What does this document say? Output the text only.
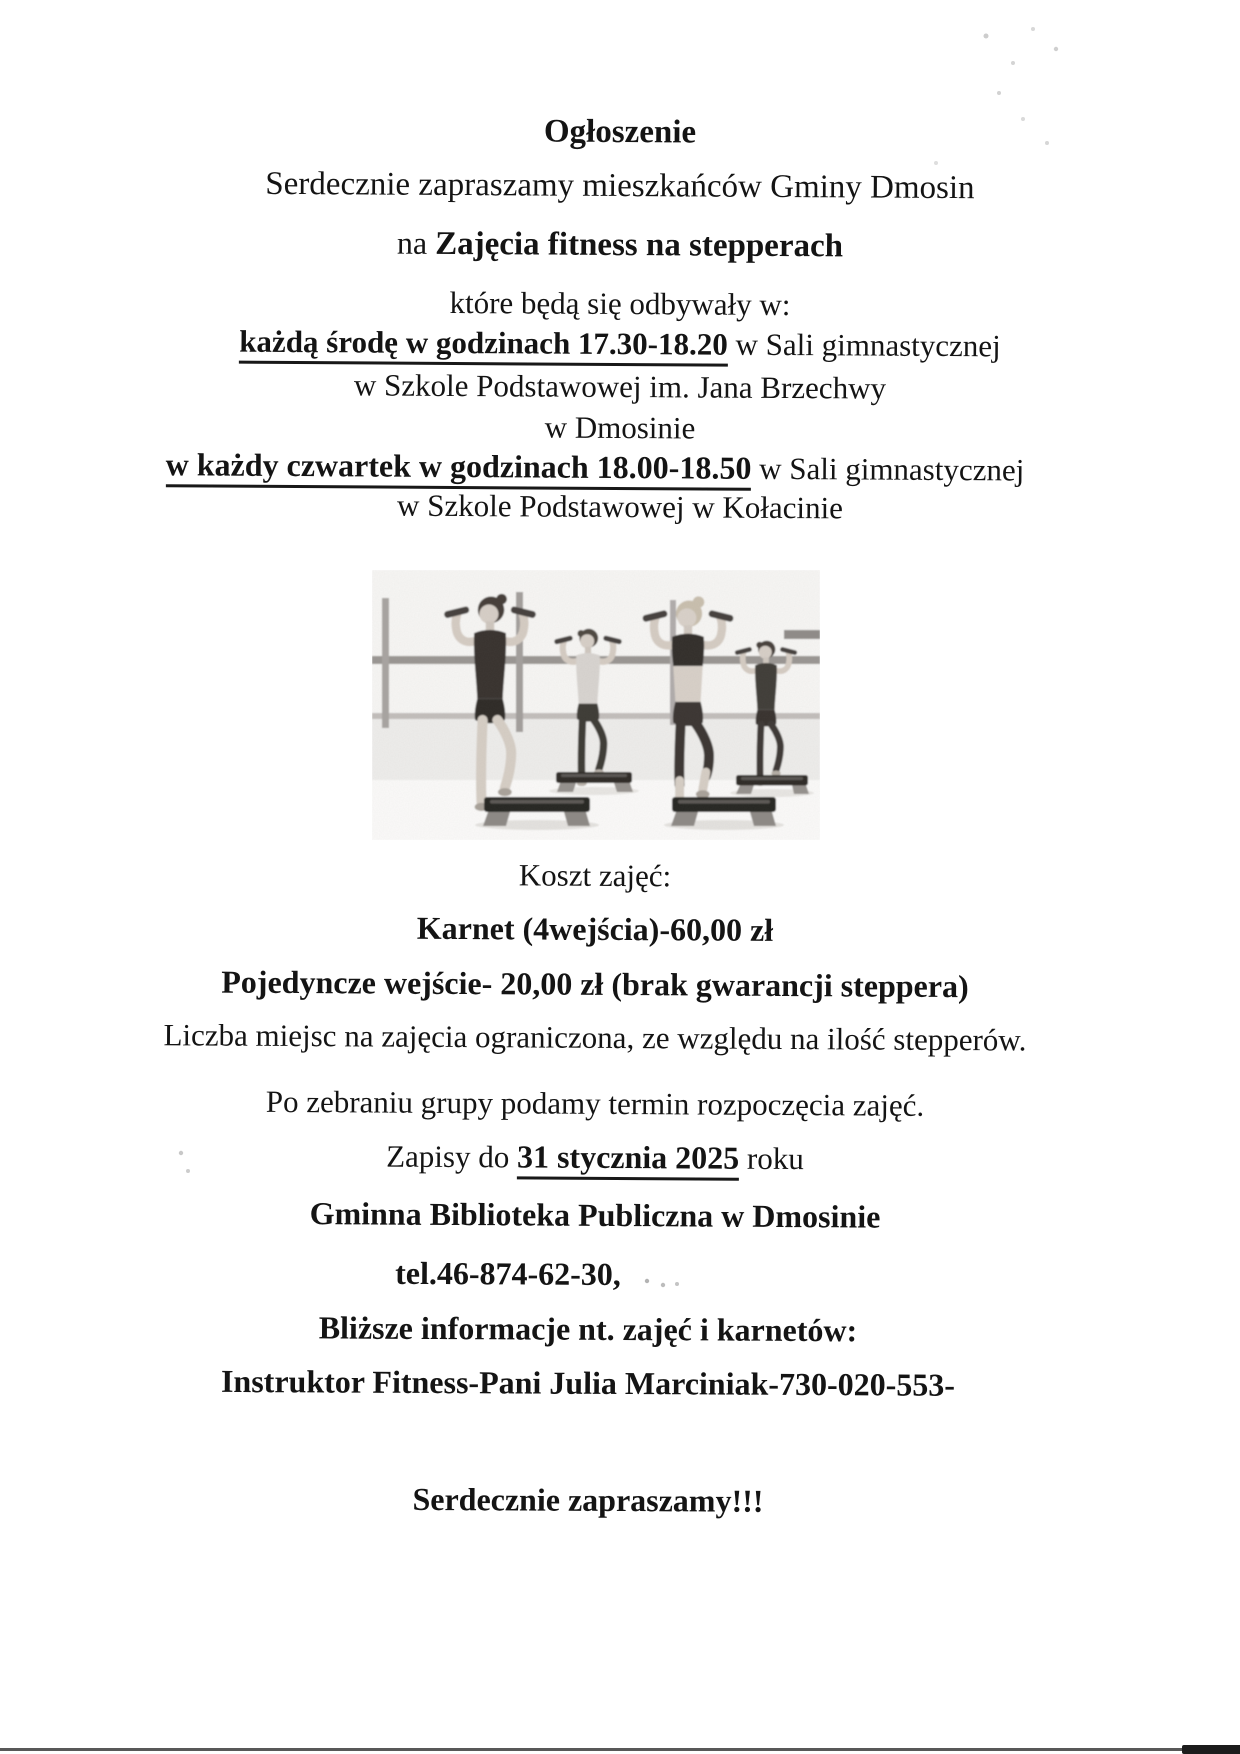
Ogłoszenie

Serdecznie zapraszamy mieszkańców Gminy Dmosin

na Zajęcia fitness na stepperach

które będą się odbywały w:

każdą środę w godzinach 17.30-18.20 w Sali gimnastycznej

w Szkole Podstawowej im. Jana Brzechwy

w Dmosinie

w każdy czwartek w godzinach 18.00-18.50 w Sali gimnastycznej

w Szkole Podstawowej w Kołacinie

Koszt zajęć:

Karnet (4wejścia)-60,00 zł

Pojedyncze wejście- 20,00 zł (brak gwarancji steppera)

Liczba miejsc na zajęcia ograniczona, ze względu na ilość stepperów.

Po zebraniu grupy podamy termin rozpoczęcia zajęć.

Zapisy do 31 stycznia 2025 roku

Gminna Biblioteka Publiczna w Dmosinie

tel.46-874-62-30,

Bliższe informacje nt. zajęć i karnetów:

Instruktor Fitness-Pani Julia Marciniak-730-020-553-

Serdecznie zapraszamy!!!
